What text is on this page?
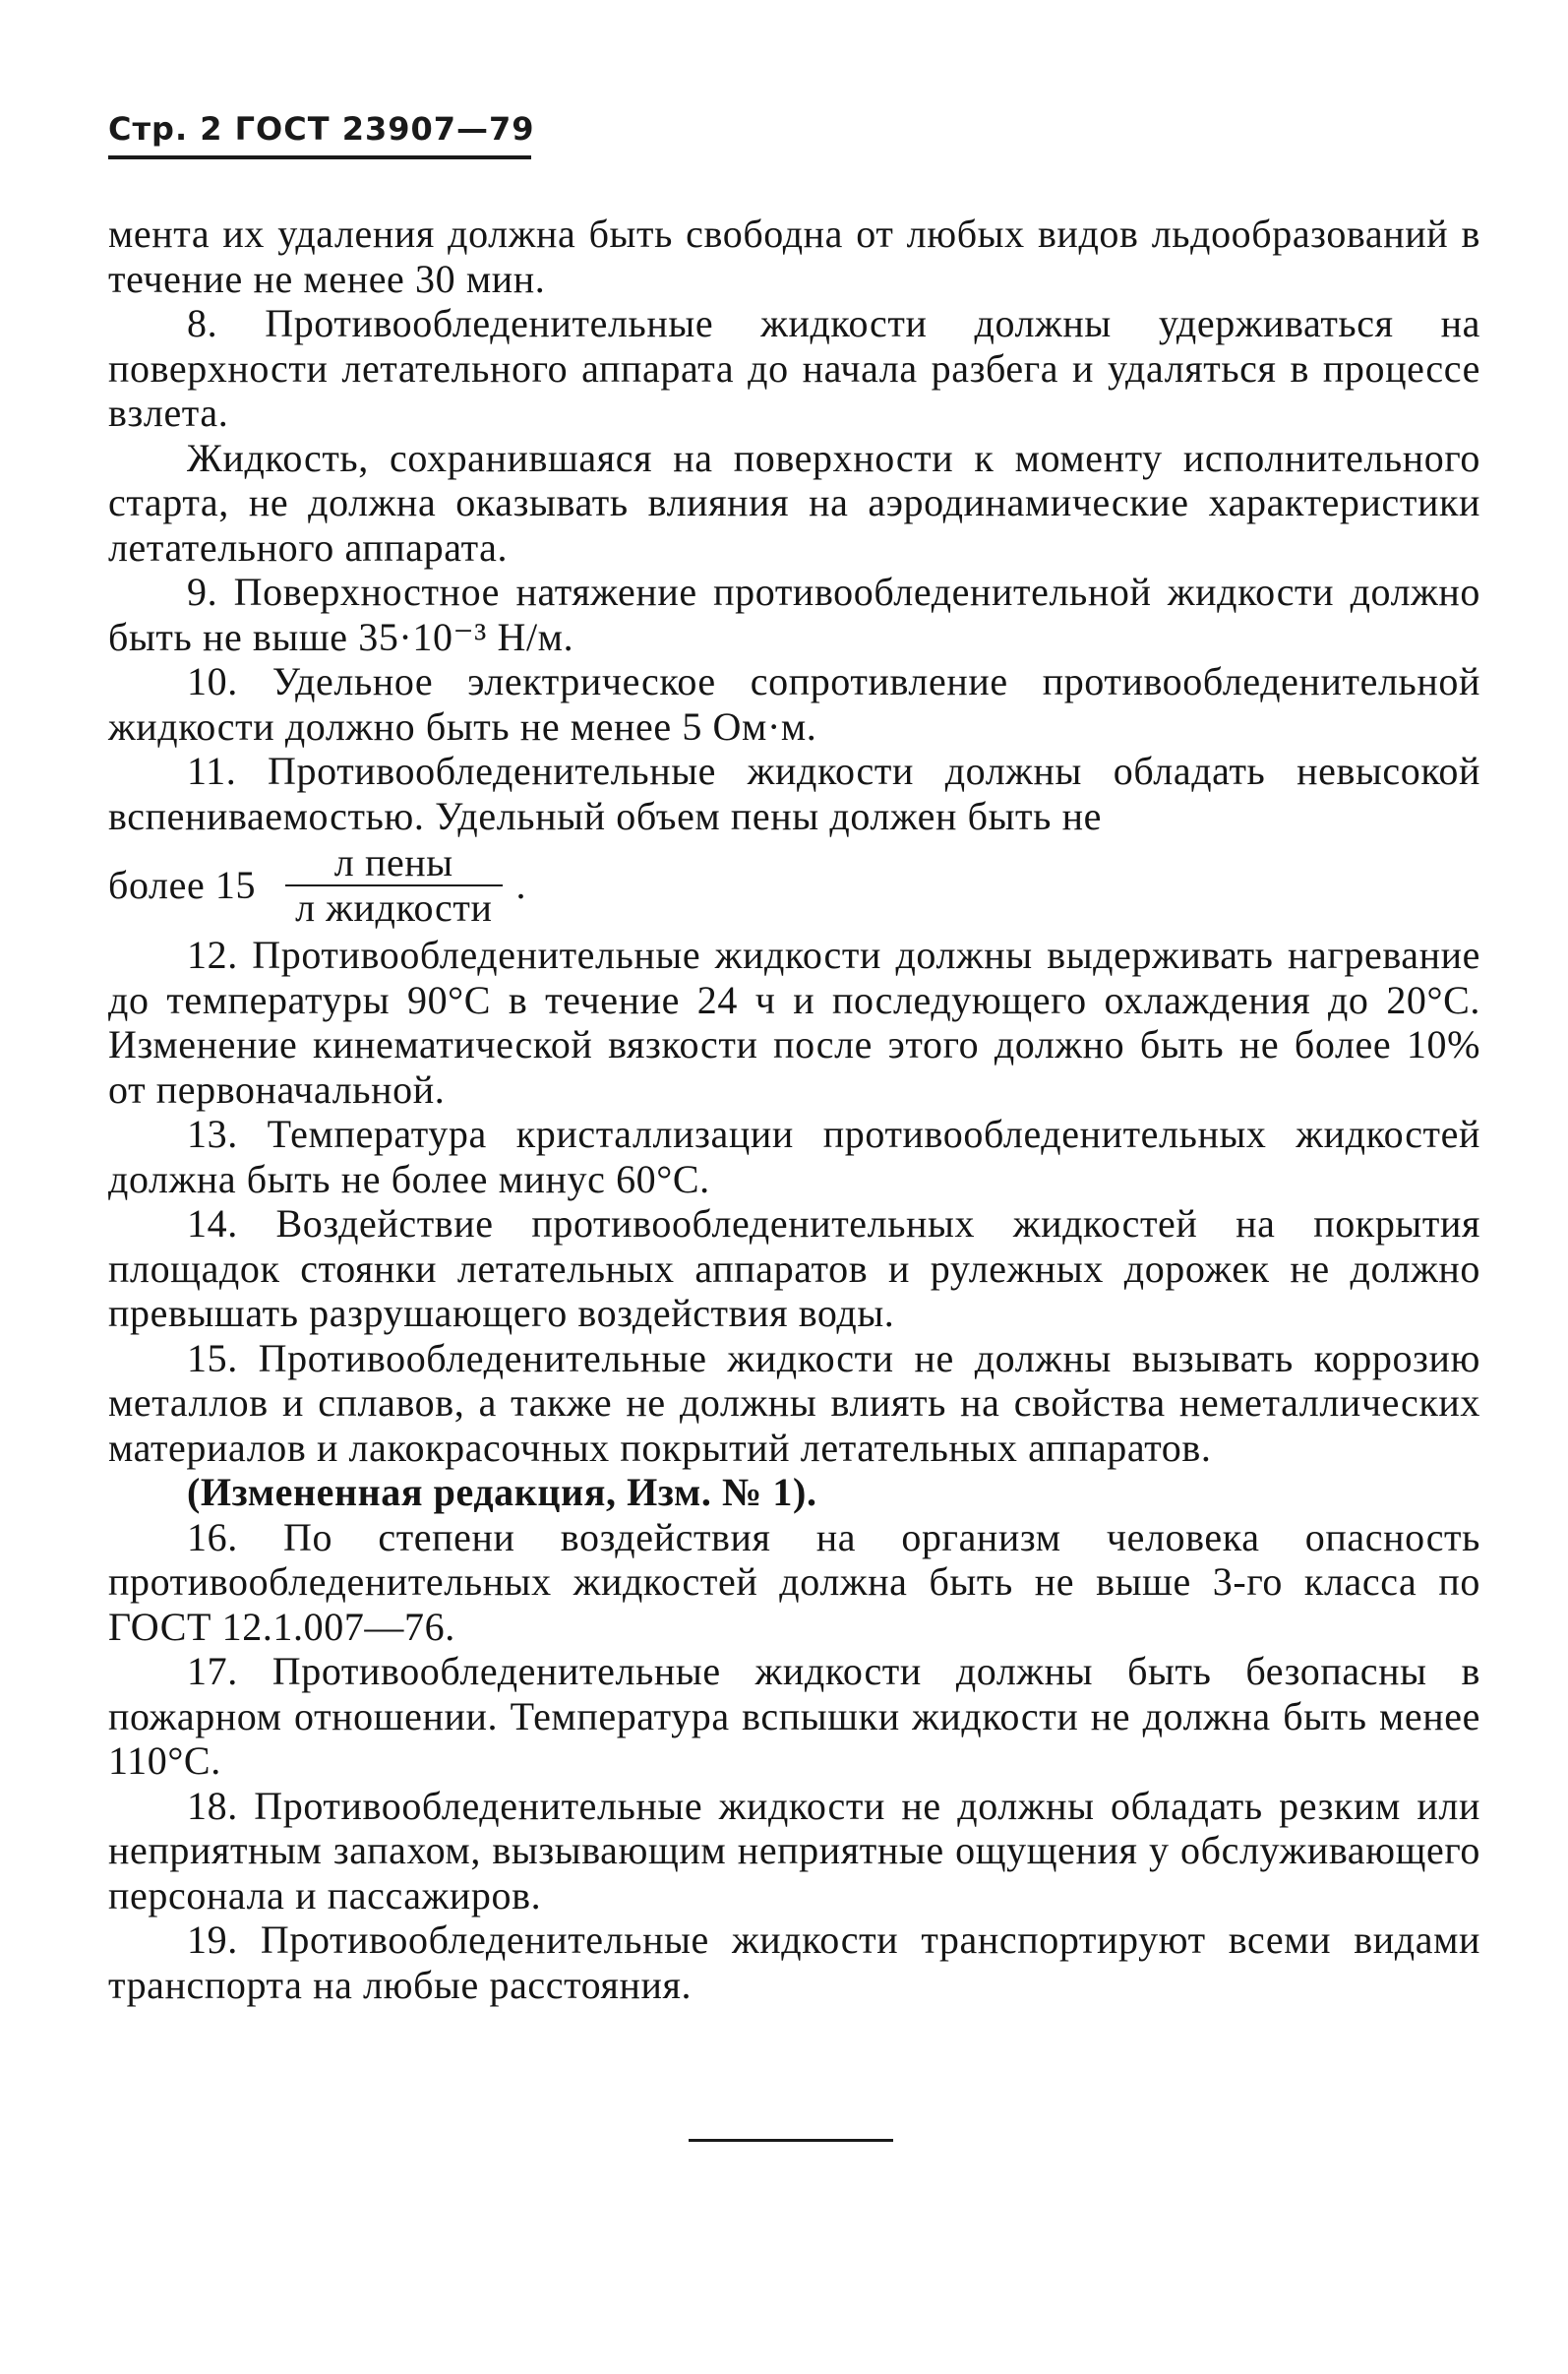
Стр. 2 ГОСТ 23907—79

мента их удаления должна быть свободна от любых видов льдообразований в течение не менее 30 мин.

8. Противообледенительные жидкости должны удерживаться на поверхности летательного аппарата до начала разбега и удаляться в процессе взлета.

Жидкость, сохранившаяся на поверхности к моменту исполнительного старта, не должна оказывать влияния на аэродинамические характеристики летательного аппарата.

9. Поверхностное натяжение противообледенительной жидкости должно быть не выше 35·10⁻³ Н/м.

10. Удельное электрическое сопротивление противообледенительной жидкости должно быть не менее 5 Ом·м.

11. Противообледенительные жидкости должны обладать невысокой вспениваемостью. Удельный объем пены должен быть не

более $15 \frac{\text{л пены}}{\text{л жидкости}}$ .

12. Противообледенительные жидкости должны выдерживать нагревание до температуры 90°С в течение 24 ч и последующего охлаждения до 20°С. Изменение кинематической вязкости после этого должно быть не более 10% от первоначальной.

13. Температура кристаллизации противообледенительных жидкостей должна быть не более минус 60°С.

14. Воздействие противообледенительных жидкостей на покрытия площадок стоянки летательных аппаратов и рулежных дорожек не должно превышать разрушающего воздействия воды.

15. Противообледенительные жидкости не должны вызывать коррозию металлов и сплавов, а также не должны влиять на свойства неметаллических материалов и лакокрасочных покрытий летательных аппаратов.

(Измененная редакция, Изм. № 1).

16. По степени воздействия на организм человека опасность противообледенительных жидкостей должна быть не выше 3-го класса по ГОСТ 12.1.007—76.

17. Противообледенительные жидкости должны быть безопасны в пожарном отношении. Температура вспышки жидкости не должна быть менее 110°С.

18. Противообледенительные жидкости не должны обладать резким или неприятным запахом, вызывающим неприятные ощущения у обслуживающего персонала и пассажиров.

19. Противообледенительные жидкости транспортируют всеми видами транспорта на любые расстояния.
